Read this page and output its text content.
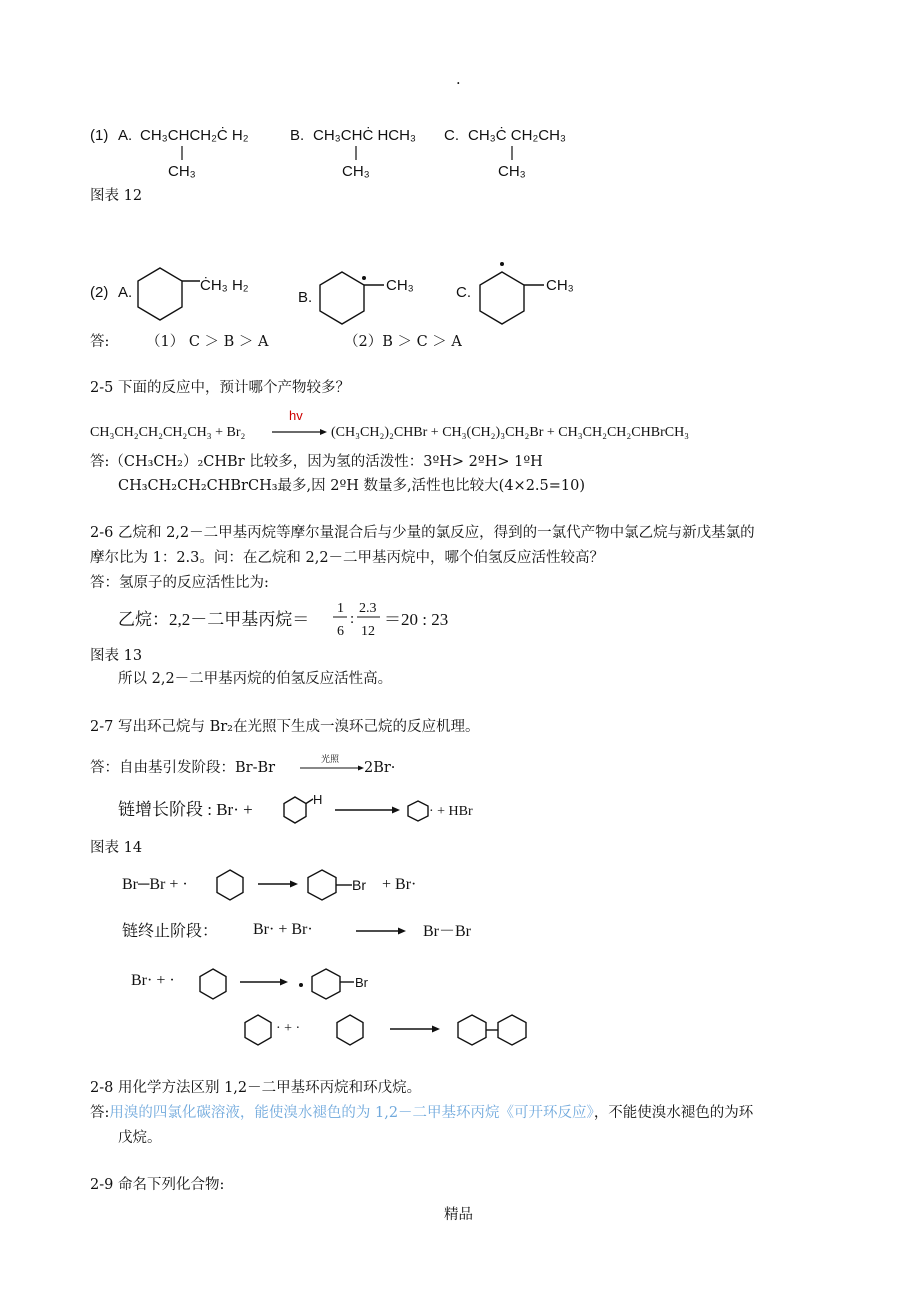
.
(1) A. CH₃CHCH₂Ċ H₂
CH₃
B. CH₃CHĊ HCH₃
CH₃
C. CH₃Ċ CH₂CH₃
CH₃
图表 12
(2) A.	ĊH₃ H₂
B.
CH₃	C.	CH₃
答:	（1） C ＞ B ＞ A	（2）B ＞ C ＞ A
2-5 下面的反应中，预计哪个产物较多？
CH₃CH₂CH₂CH₂CH₃ + Br₂
hv
(CH₃CH₂)₂CHBr + CH₃(CH₂)₃CH₂Br + CH₃CH₂CH₂CHBrCH₃
答:（CH₃CH₂）₂CHBr 比较多，因为氢的活泼性：3ºH> 2ºH> 1ºH
CH₃CH₂CH₂CHBrCH₃最多,因 2ºH 数量多,活性也比较大(4×2.5=10)
2-6 乙烷和 2,2－二甲基丙烷等摩尔量混合后与少量的氯反应，得到的一氯代产物中氯乙烷与新戊基氯的
摩尔比为 1：2.3。问：在乙烷和 2,2－二甲基丙烷中，哪个伯氢反应活性较高？
答：氢原子的反应活性比为:
乙烷：2,2－二甲基丙烷＝
1
6
:
2.3
12
＝20 : 23
图表 13
所以 2,2－二甲基丙烷的伯氢反应活性高。
2-7 写出环己烷与 Br₂在光照下生成一溴环己烷的反应机理。
答：自由基引发阶段：Br-Br	光照 2Br·
链增长阶段 : Br· +
H
· + HBr
图表 14
Br─Br + ·	Br + Br·
链终止阶段： Br· + Br·	Br－Br
Br· + ·	Br
· + ·
2-8 用化学方法区别 1,2－二甲基环丙烷和环戊烷。
答:用溴的四氯化碳溶液，能使溴水褪色的为 1,2－二甲基环丙烷《可开环反应》，不能使溴水褪色的为环
戊烷。
2-9 命名下列化合物:
精品
